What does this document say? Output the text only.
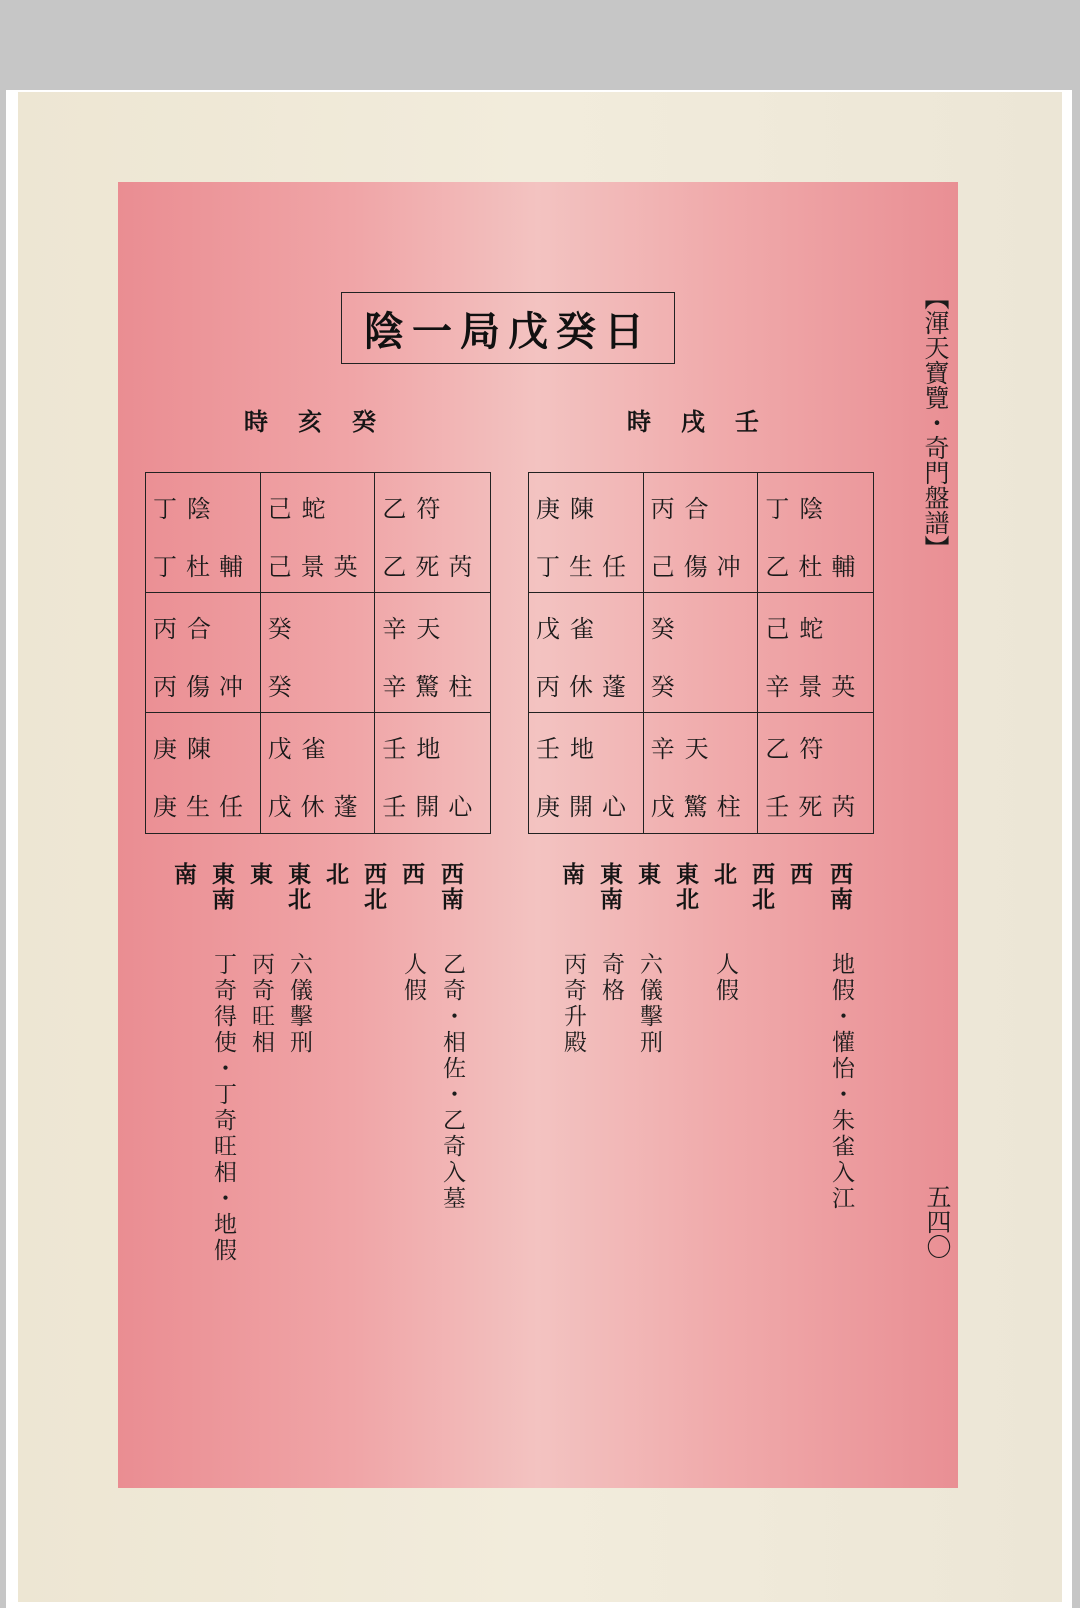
【渾天寶覽・奇門盤譜】
五四〇
陰一局戊癸日
癸亥時	壬戌時
丁陰
丁杜輔
己蛇
己景英
乙符
乙死芮
丙合
丙傷冲
癸
癸
辛天
辛驚柱
庚陳
庚生任
戊雀
戊休蓬
壬地
壬開心
庚陳
丁生任
丙合
己傷冲
丁陰
乙杜輔
戊雀
丙休蓬
癸
癸
己蛇
辛景英
壬地
庚開心
辛天
戊驚柱
乙符
壬死芮
西南
西
西北
北
東北
東
東南
南
乙奇・相佐・乙奇入墓
人假
六儀擊刑
丙奇旺相
丁奇得使・丁奇旺相・地假
西南
西
西北
北
東北
東
東南
南
地假・懽怡・朱雀入江
人假
六儀擊刑
奇格
丙奇升殿
